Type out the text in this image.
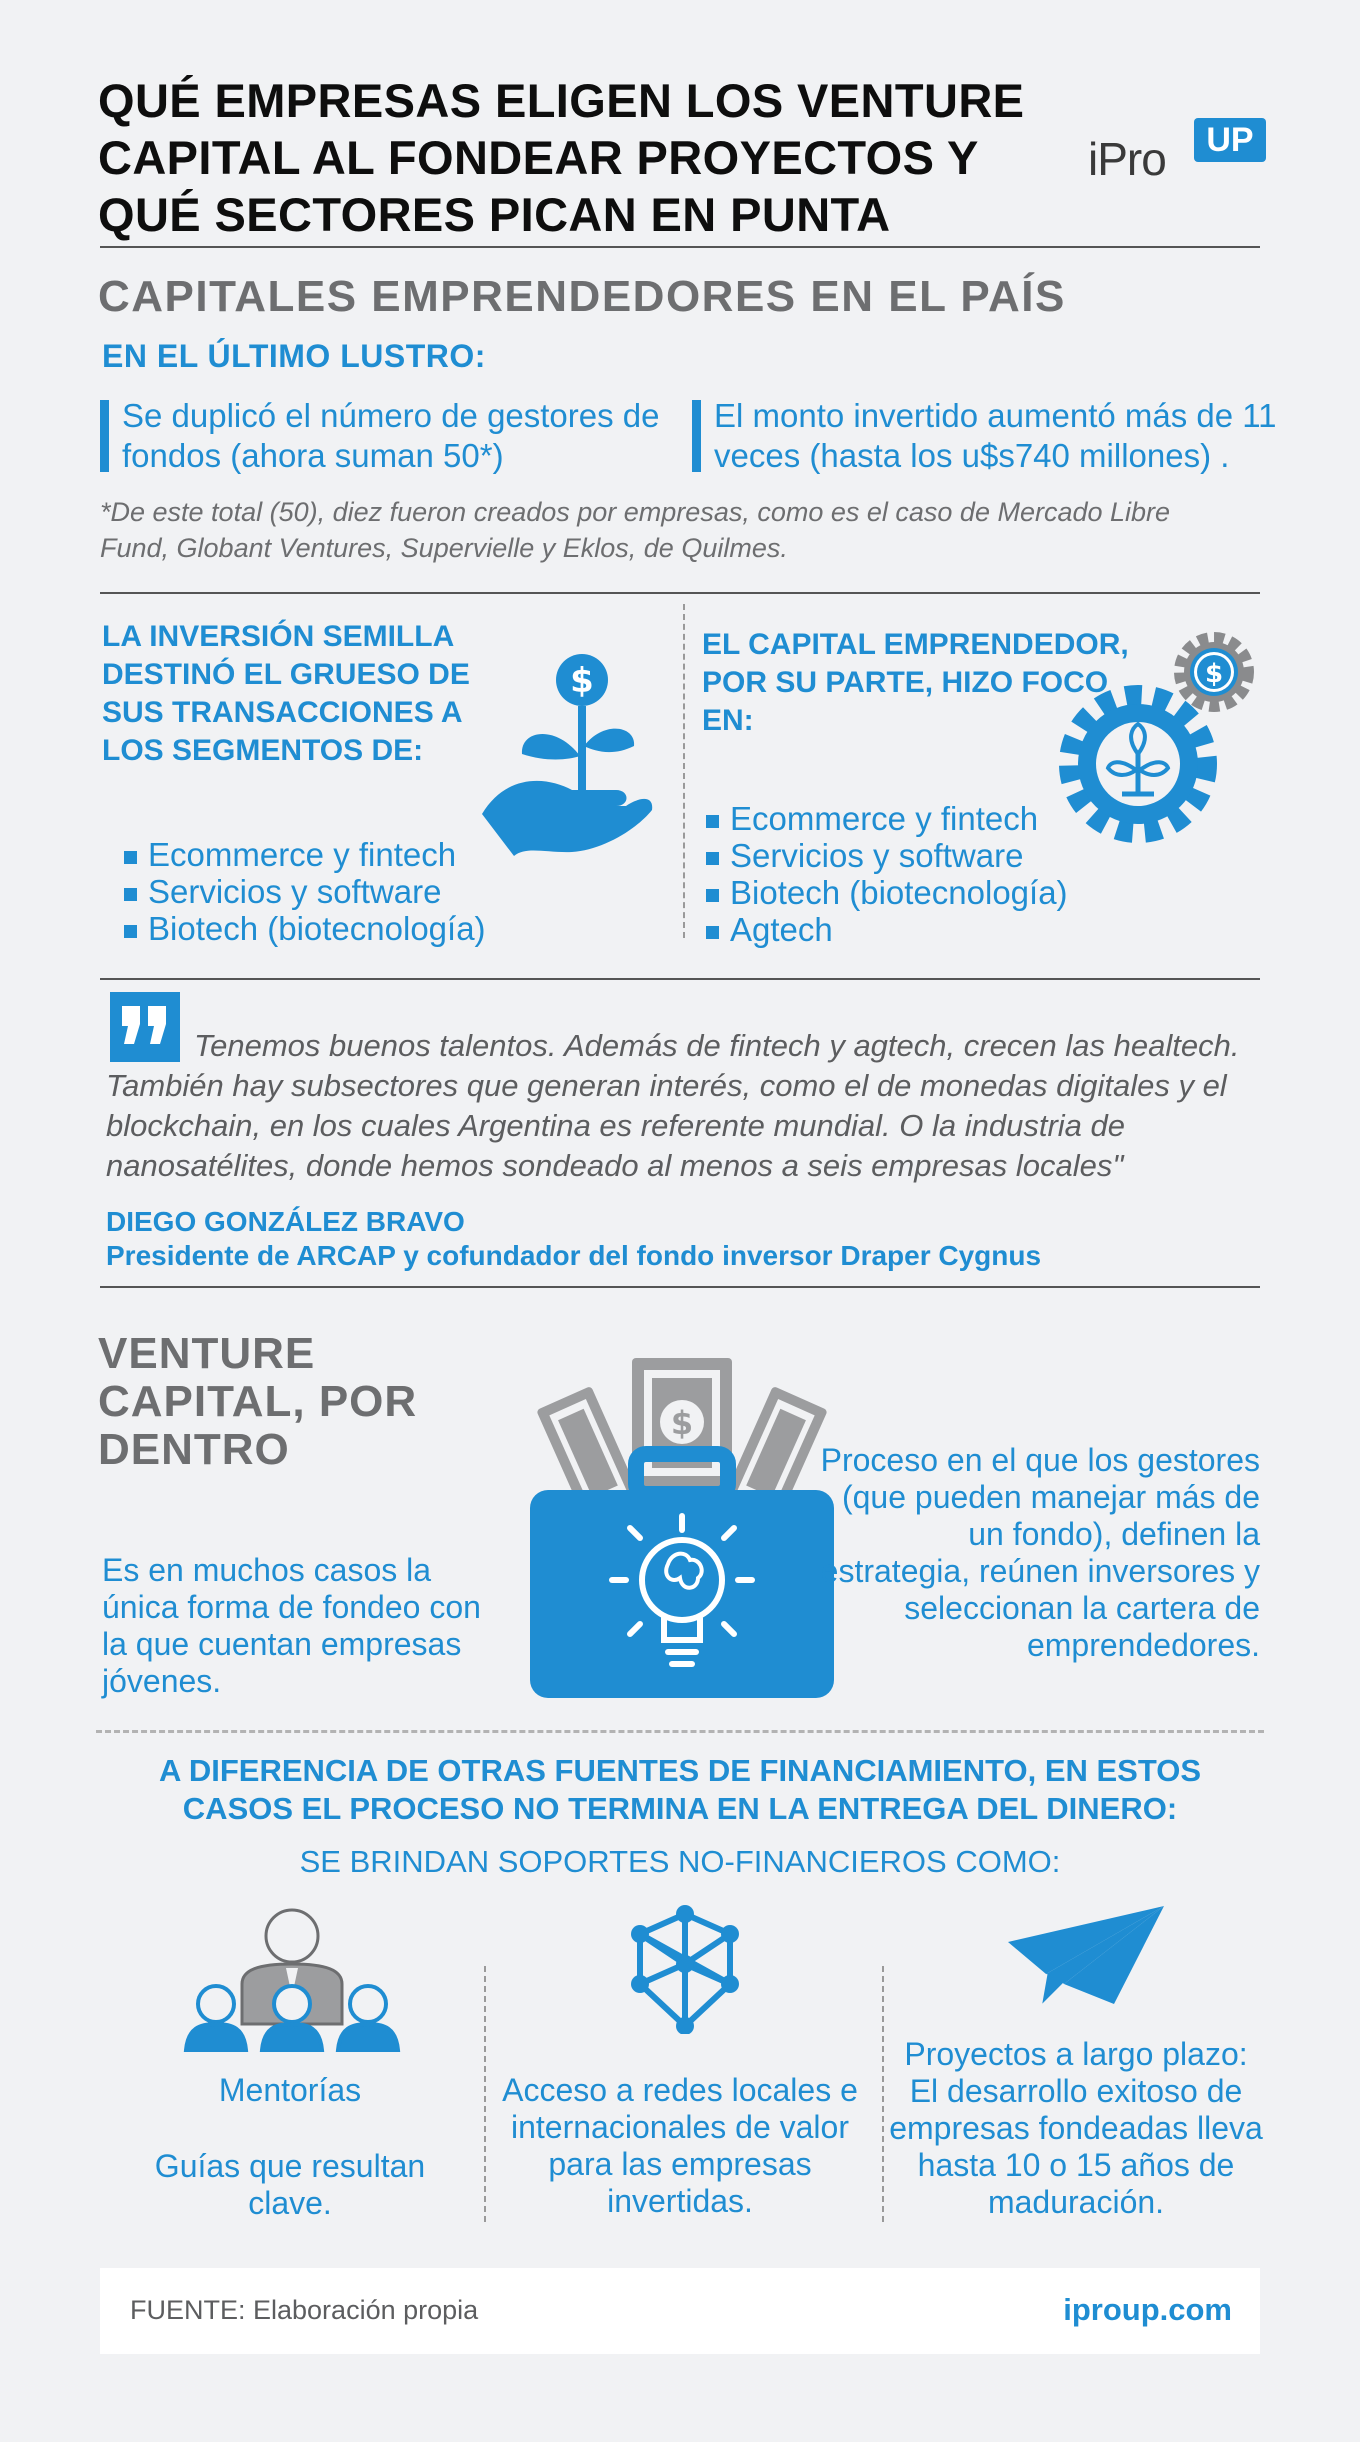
QUÉ EMPRESAS ELIGEN LOS VENTURE CAPITAL AL FONDEAR PROYECTOS Y QUÉ SECTORES PICAN EN PUNTA
iPro	UP
CAPITALES EMPRENDEDORES EN EL PAÍS
EN EL ÚLTIMO LUSTRO:
Se duplicó el número de gestores de fondos (ahora suman 50*)
El monto invertido aumentó más de 11 veces (hasta los u$s740 millones) .
*De este total (50), diez fueron creados por empresas, como es el caso de Mercado Libre Fund, Globant Ventures, Supervielle y Eklos, de Quilmes.
LA INVERSIÓN SEMILLA DESTINÓ EL GRUESO DE SUS TRANSACCIONES A LOS SEGMENTOS DE:
$
EL CAPITAL EMPRENDEDOR, POR SU PARTE, HIZO FOCO EN:
$
Ecommerce y fintech
Servicios y software
Biotech (biotecnología)
Ecommerce y fintech
Servicios y software
Biotech (biotecnología)
Agtech
Tenemos buenos talentos. Además de fintech y agtech, crecen las healtech. También hay subsectores que generan interés, como el de monedas digitales y el blockchain, en los cuales Argentina es referente mundial. O la industria de nanosatélites, donde hemos sondeado al menos a seis empresas locales"
DIEGO GONZÁLEZ BRAVO
Presidente de ARCAP y cofundador del fondo inversor Draper Cygnus
VENTURE CAPITAL, POR DENTRO
$
Es en muchos casos la única forma de fondeo con la que cuentan empresas jóvenes.
Proceso en el que los gestores (que pueden manejar más de un fondo), definen la estrategia, reúnen inversores y seleccionan la cartera de emprendedores.
A DIFERENCIA DE OTRAS FUENTES DE FINANCIAMIENTO, EN ESTOS CASOS EL PROCESO NO TERMINA EN LA ENTREGA DEL DINERO:
SE BRINDAN SOPORTES NO-FINANCIEROS COMO:
Mentorías
Guías que resultan clave.
Acceso a redes locales e internacionales de valor para las empresas invertidas.
Proyectos a largo plazo: El desarrollo exitoso de empresas fondeadas lleva hasta 10 o 15 años de maduración.
FUENTE: Elaboración propia	iproup.com
